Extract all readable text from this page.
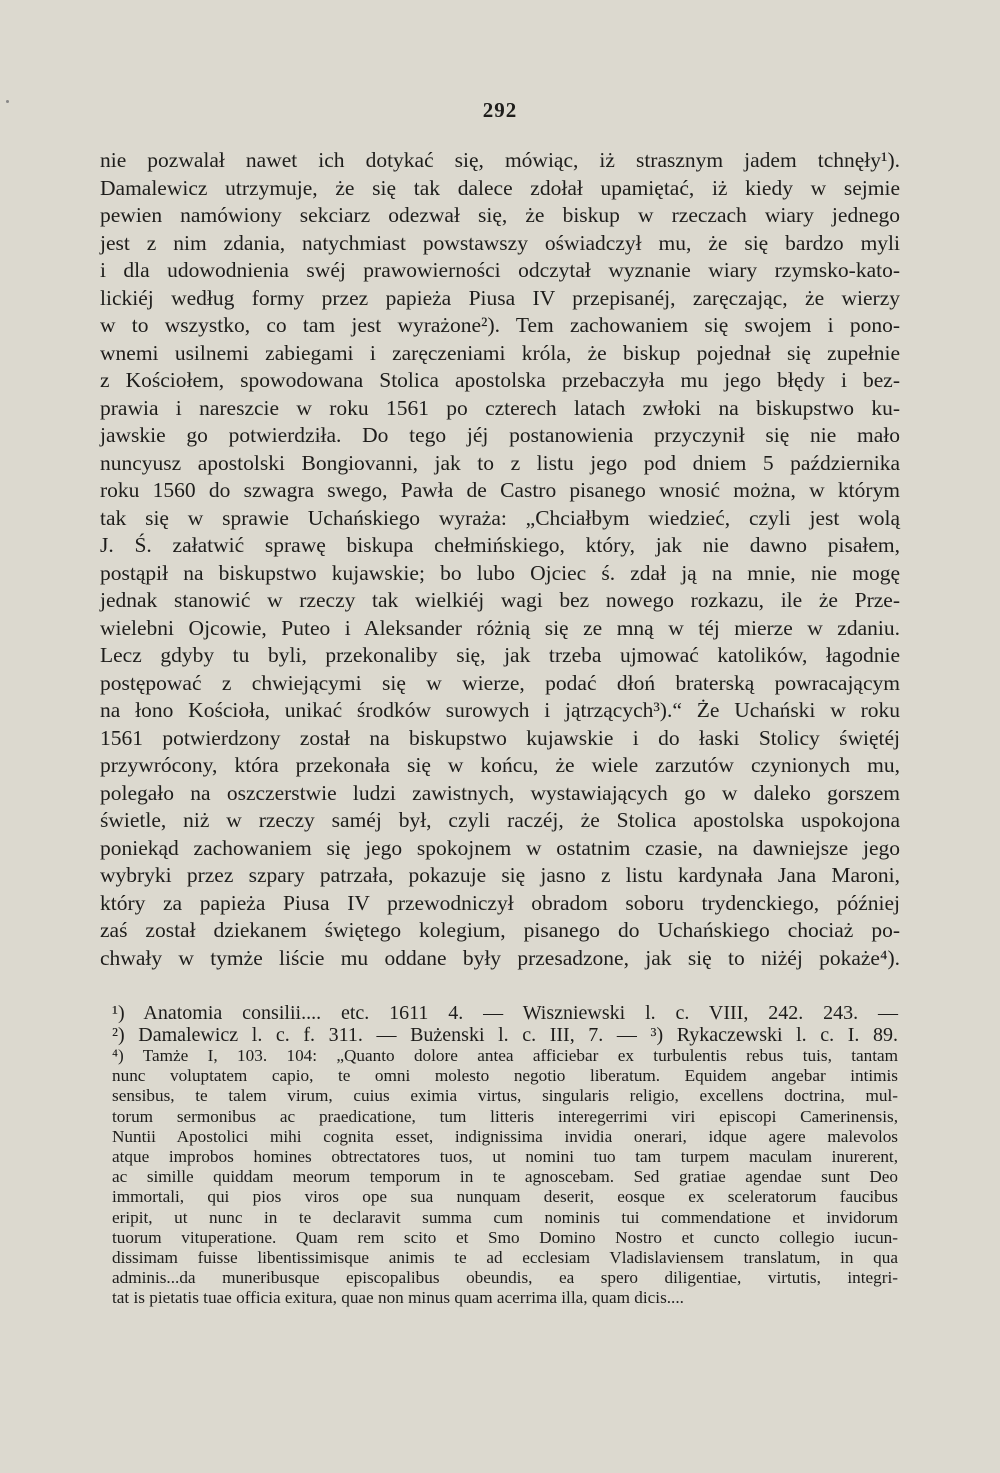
292
nie pozwalał nawet ich dotykać się, mówiąc, iż strasznym jadem tchnęły¹).
Damalewicz utrzymuje, że się tak dalece zdołał upamiętać, iż kiedy w sejmie
pewien namówiony sekciarz odezwał się, że biskup w rzeczach wiary jednego
jest z nim zdania, natychmiast powstawszy oświadczył mu, że się bardzo myli
i dla udowodnienia swéj prawowierności odczytał wyznanie wiary rzymsko-kato-
lickiéj według formy przez papieża Piusa IV przepisanéj, zaręczając, że wierzy
w to wszystko, co tam jest wyrażone²). Tem zachowaniem się swojem i pono-
wnemi usilnemi zabiegami i zaręczeniami króla, że biskup pojednał się zupełnie
z Kościołem, spowodowana Stolica apostolska przebaczyła mu jego błędy i bez-
prawia i nareszcie w roku 1561 po czterech latach zwłoki na biskupstwo ku-
jawskie go potwierdziła. Do tego jéj postanowienia przyczynił się nie mało
nuncyusz apostolski Bongiovanni, jak to z listu jego pod dniem 5 października
roku 1560 do szwagra swego, Pawła de Castro pisanego wnosić można, w którym
tak się w sprawie Uchańskiego wyraża: „Chciałbym wiedzieć, czyli jest wolą
J. Ś. załatwić sprawę biskupa chełmińskiego, który, jak nie dawno pisałem,
postąpił na biskupstwo kujawskie; bo lubo Ojciec ś. zdał ją na mnie, nie mogę
jednak stanowić w rzeczy tak wielkiéj wagi bez nowego rozkazu, ile że Prze-
wielebni Ojcowie, Puteo i Aleksander różnią się ze mną w téj mierze w zdaniu.
Lecz gdyby tu byli, przekonaliby się, jak trzeba ujmować katolików, łagodnie
postępować z chwiejącymi się w wierze, podać dłoń braterską powracającym
na łono Kościoła, unikać środków surowych i jątrzących³).“ Że Uchański w roku
1561 potwierdzony został na biskupstwo kujawskie i do łaski Stolicy świętéj
przywrócony, która przekonała się w końcu, że wiele zarzutów czynionych mu,
polegało na oszczerstwie ludzi zawistnych, wystawiających go w daleko gorszem
świetle, niż w rzeczy saméj był, czyli raczéj, że Stolica apostolska uspokojona
poniekąd zachowaniem się jego spokojnem w ostatnim czasie, na dawniejsze jego
wybryki przez szpary patrzała, pokazuje się jasno z listu kardynała Jana Maroni,
który za papieża Piusa IV przewodniczył obradom soboru trydenckiego, później
zaś został dziekanem świętego kolegium, pisanego do Uchańskiego chociaż po-
chwały w tymże liście mu oddane były przesadzone, jak się to niżéj pokaże⁴).
¹) Anatomia consilii.... etc. 1611 4. — Wiszniewski l. c. VIII, 242. 243. —
²) Damalewicz l. c. f. 311. — Bużenski l. c. III, 7. — ³) Rykaczewski l. c. I. 89.
⁴) Tamże I, 103. 104: „Quanto dolore antea afficiebar ex turbulentis rebus tuis, tantam
nunc voluptatem capio, te omni molesto negotio liberatum. Equidem angebar intimis
sensibus, te talem virum, cuius eximia virtus, singularis religio, excellens doctrina, mul-
torum sermonibus ac praedicatione, tum litteris interegerrimi viri episcopi Camerinensis,
Nuntii Apostolici mihi cognita esset, indignissima invidia onerari, idque agere malevolos
atque improbos homines obtrectatores tuos, ut nomini tuo tam turpem maculam inurerent,
ac simille quiddam meorum temporum in te agnoscebam. Sed gratiae agendae sunt Deo
immortali, qui pios viros ope sua nunquam deserit, eosque ex sceleratorum faucibus
eripit, ut nunc in te declaravit summa cum nominis tui commendatione et invidorum
tuorum vituperatione. Quam rem scito et Smo Domino Nostro et cuncto collegio iucun-
dissimam fuisse libentissimisque animis te ad ecclesiam Vladislaviensem translatum, in qua
adminis...da muneribusque episcopalibus obeundis, ea spero diligentiae, virtutis, integri-
tat is pietatis tuae officia exitura, quae non minus quam acerrima illa, quam dicis....
